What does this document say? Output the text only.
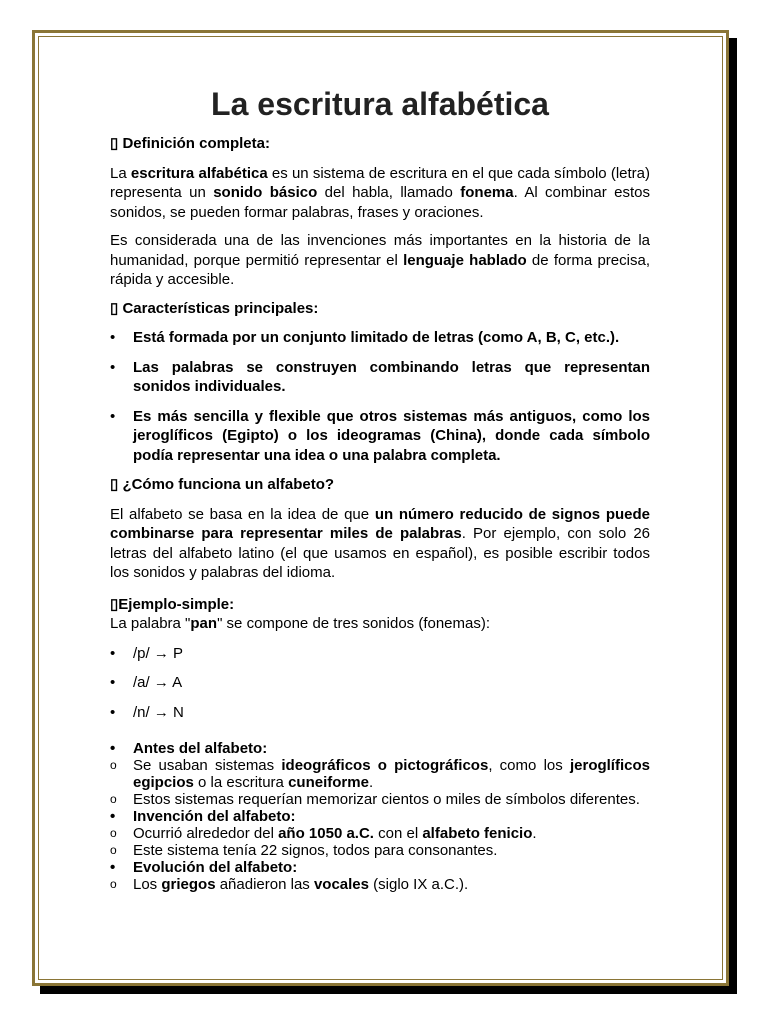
La escritura alfabética
▯ Definición completa:

La escritura alfabética es un sistema de escritura en el que cada símbolo (letra) representa un sonido básico del habla, llamado fonema. Al combinar estos sonidos, se pueden formar palabras, frases y oraciones.

Es considerada una de las invenciones más importantes en la historia de la humanidad, porque permitió representar el lenguaje hablado de forma precisa, rápida y accesible.

▯ Características principales:
• Está formada por un conjunto limitado de letras (como A, B, C, etc.).
• Las palabras se construyen combinando letras que representan sonidos individuales.
• Es más sencilla y flexible que otros sistemas más antiguos, como los jeroglíficos (Egipto) o los ideogramas (China), donde cada símbolo podía representar una idea o una palabra completa.
▯ ¿Cómo funciona un alfabeto?

El alfabeto se basa en la idea de que un número reducido de signos puede combinarse para representar miles de palabras. Por ejemplo, con solo 26 letras del alfabeto latino (el que usamos en español), es posible escribir todos los sonidos y palabras del idioma.

▯Ejemplo-simple:

La palabra "pan" se compone de tres sonidos (fonemas):

• /p/ → P
• /a/ → A
• /n/ → N
• Antes del alfabeto:
o Se usaban sistemas ideográficos o pictográficos, como los jeroglíficos egipcios o la escritura cuneiforme.
o Estos sistemas requerían memorizar cientos o miles de símbolos diferentes.
• Invención del alfabeto:
o Ocurrió alrededor del año 1050 a.C. con el alfabeto fenicio.
o Este sistema tenía 22 signos, todos para consonantes.
• Evolución del alfabeto:
o Los griegos añadieron las vocales (siglo IX a.C.).
